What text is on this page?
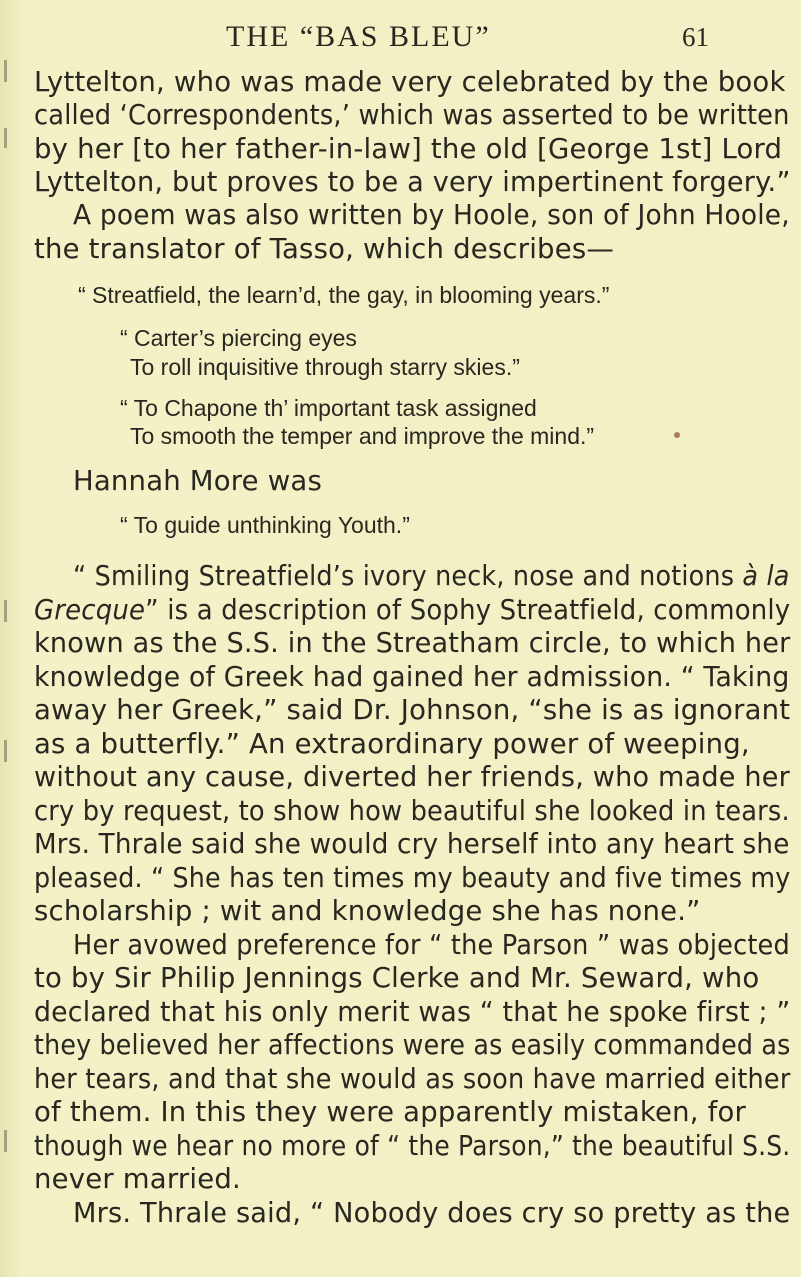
THE “BAS BLEU”	61
Lyttelton, who was made very celebrated by the book
called ‘Correspondents,’ which was asserted to be written
by her [to her father-in-law] the old [George 1st] Lord
Lyttelton, but proves to be a very impertinent forgery.”
A poem was also written by Hoole, son of John Hoole,
the translator of Tasso, which describes—
“ Streatfield, the learn’d, the gay, in blooming years.”
“ Carter’s piercing eyes
To roll inquisitive through starry skies.”
“ To Chapone th’ important task assigned
To smooth the temper and improve the mind.”
Hannah More was
“ To guide unthinking Youth.”
“ Smiling Streatfield’s ivory neck, nose and notions à la
Grecque” is a description of Sophy Streatfield, commonly
known as the S.S. in the Streatham circle, to which her
knowledge of Greek had gained her admission. “ Taking
away her Greek,” said Dr. Johnson, “she is as ignorant
as a butterfly.” An extraordinary power of weeping,
without any cause, diverted her friends, who made her
cry by request, to show how beautiful she looked in tears.
Mrs. Thrale said she would cry herself into any heart she
pleased. “ She has ten times my beauty and five times my
scholarship ; wit and knowledge she has none.”
Her avowed preference for “ the Parson ” was objected
to by Sir Philip Jennings Clerke and Mr. Seward, who
declared that his only merit was “ that he spoke first ; ”
they believed her affections were as easily commanded as
her tears, and that she would as soon have married either
of them. In this they were apparently mistaken, for
though we hear no more of “ the Parson,” the beautiful S.S.
never married.
Mrs. Thrale said, “ Nobody does cry so pretty as the
